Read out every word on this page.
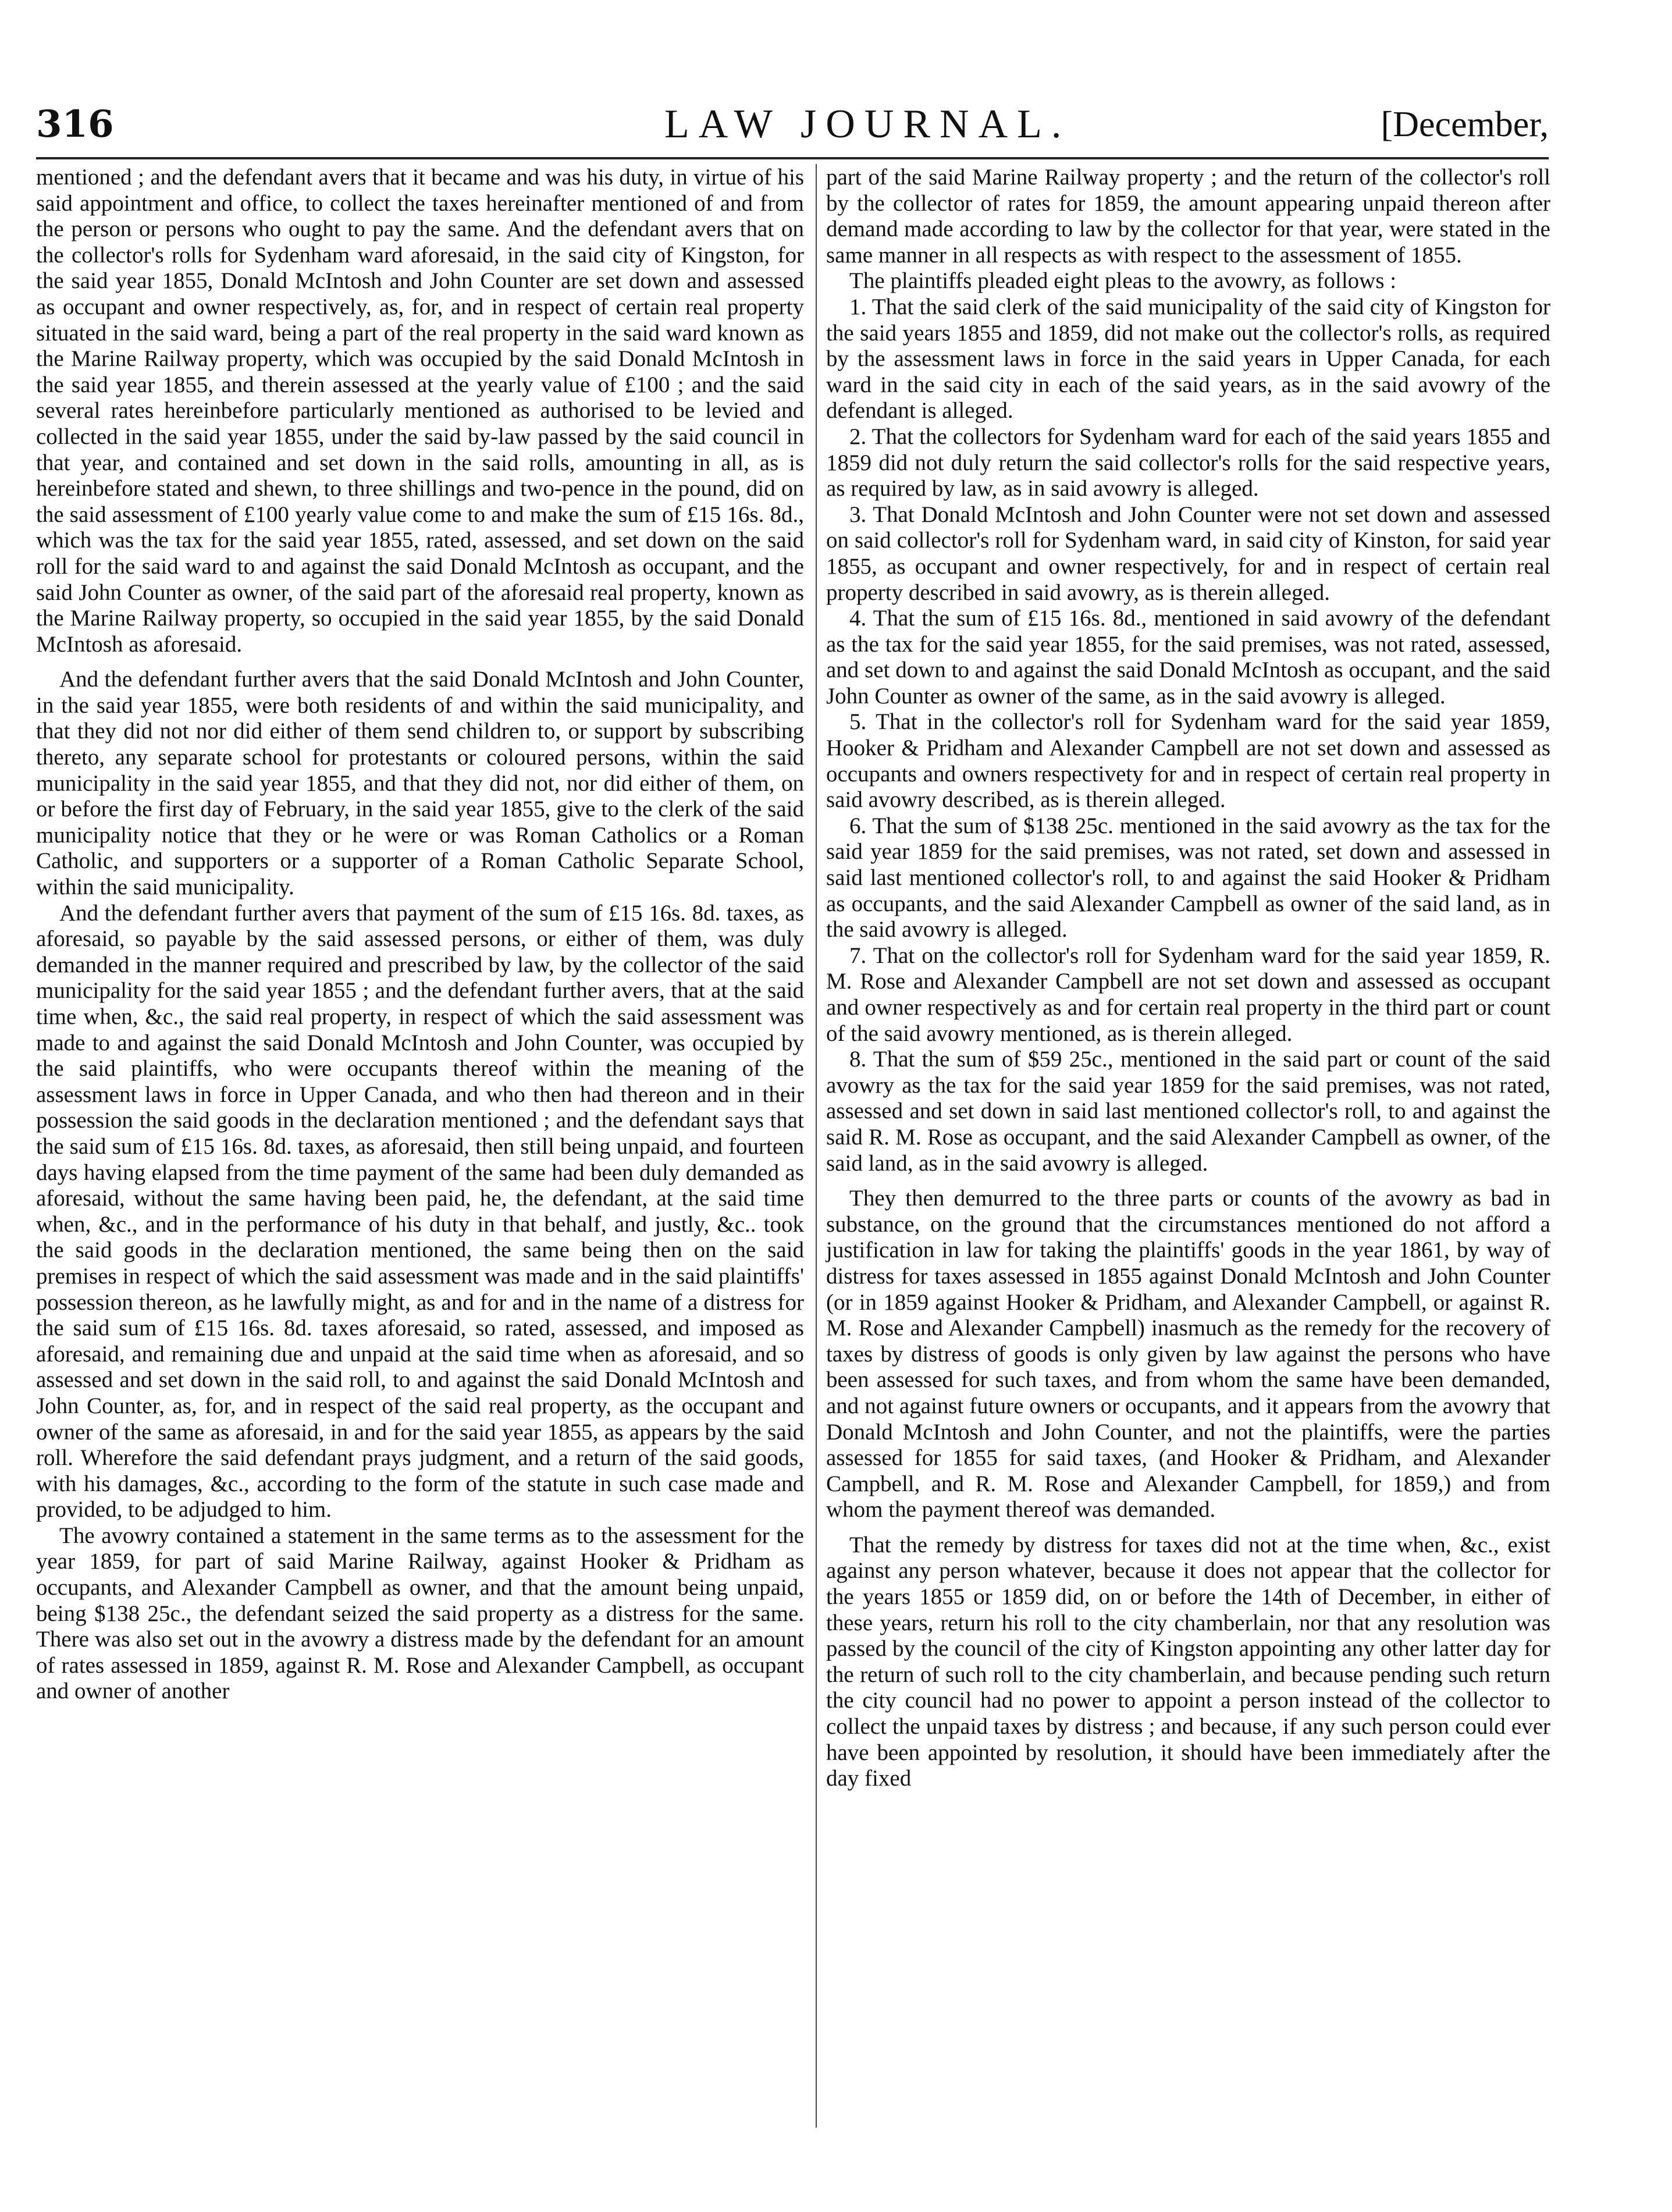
316	LAW JOURNAL.	[December,

mentioned ; and the defendant avers that it became and was his duty, in virtue of his said appointment and office, to collect the taxes hereinafter mentioned of and from the person or persons who ought to pay the same. And the defendant avers that on the collector's rolls for Sydenham ward aforesaid, in the said city of Kingston, for the said year 1855, Donald McIntosh and John Counter are set down and assessed as occupant and owner respectively, as, for, and in respect of certain real property situated in the said ward, being a part of the real property in the said ward known as the Marine Railway property, which was occupied by the said Donald McIntosh in the said year 1855, and therein assessed at the yearly value of £100 ; and the said several rates hereinbefore particularly mentioned as authorised to be levied and collected in the said year 1855, under the said by-law passed by the said council in that year, and contained and set down in the said rolls, amounting in all, as is hereinbefore stated and shewn, to three shillings and two-pence in the pound, did on the said assessment of £100 yearly value come to and make the sum of £15 16s. 8d., which was the tax for the said year 1855, rated, assessed, and set down on the said roll for the said ward to and against the said Donald McIntosh as occupant, and the said John Counter as owner, of the said part of the aforesaid real property, known as the Marine Railway property, so occupied in the said year 1855, by the said Donald McIntosh as aforesaid.

And the defendant further avers that the said Donald McIntosh and John Counter, in the said year 1855, were both residents of and within the said municipality, and that they did not nor did either of them send children to, or support by subscribing thereto, any separate school for protestants or coloured persons, within the said municipality in the said year 1855, and that they did not, nor did either of them, on or before the first day of February, in the said year 1855, give to the clerk of the said municipality notice that they or he were or was Roman Catholics or a Roman Catholic, and supporters or a supporter of a Roman Catholic Separate School, within the said municipality.

And the defendant further avers that payment of the sum of £15 16s. 8d. taxes, as aforesaid, so payable by the said assessed persons, or either of them, was duly demanded in the manner required and prescribed by law, by the collector of the said municipality for the said year 1855 ; and the defendant further avers, that at the said time when, &c., the said real property, in respect of which the said assessment was made to and against the said Donald McIntosh and John Counter, was occupied by the said plaintiffs, who were occupants thereof within the meaning of the assessment laws in force in Upper Canada, and who then had thereon and in their possession the said goods in the declaration mentioned ; and the defendant says that the said sum of £15 16s. 8d. taxes, as aforesaid, then still being unpaid, and fourteen days having elapsed from the time payment of the same had been duly demanded as aforesaid, without the same having been paid, he, the defendant, at the said time when, &c., and in the performance of his duty in that behalf, and justly, &c.. took the said goods in the declaration mentioned, the same being then on the said premises in respect of which the said assessment was made and in the said plaintiffs' possession thereon, as he lawfully might, as and for and in the name of a distress for the said sum of £15 16s. 8d. taxes aforesaid, so rated, assessed, and imposed as aforesaid, and remaining due and unpaid at the said time when as aforesaid, and so assessed and set down in the said roll, to and against the said Donald McIntosh and John Counter, as, for, and in respect of the said real property, as the occupant and owner of the same as aforesaid, in and for the said year 1855, as appears by the said roll. Wherefore the said defendant prays judgment, and a return of the said goods, with his damages, &c., according to the form of the statute in such case made and provided, to be adjudged to him.

The avowry contained a statement in the same terms as to the assessment for the year 1859, for part of said Marine Railway, against Hooker & Pridham as occupants, and Alexander Campbell as owner, and that the amount being unpaid, being $138 25c., the defendant seized the said property as a distress for the same. There was also set out in the avowry a distress made by the defendant for an amount of rates assessed in 1859, against R. M. Rose and Alexander Campbell, as occupant and owner of another

part of the said Marine Railway property ; and the return of the collector's roll by the collector of rates for 1859, the amount appearing unpaid thereon after demand made according to law by the collector for that year, were stated in the same manner in all respects as with respect to the assessment of 1855.

The plaintiffs pleaded eight pleas to the avowry, as follows :

1. That the said clerk of the said municipality of the said city of Kingston for the said years 1855 and 1859, did not make out the collector's rolls, as required by the assessment laws in force in the said years in Upper Canada, for each ward in the said city in each of the said years, as in the said avowry of the defendant is alleged.

2. That the collectors for Sydenham ward for each of the said years 1855 and 1859 did not duly return the said collector's rolls for the said respective years, as required by law, as in said avowry is alleged.

3. That Donald McIntosh and John Counter were not set down and assessed on said collector's roll for Sydenham ward, in said city of Kinston, for said year 1855, as occupant and owner respectively, for and in respect of certain real property described in said avowry, as is therein alleged.

4. That the sum of £15 16s. 8d., mentioned in said avowry of the defendant as the tax for the said year 1855, for the said premises, was not rated, assessed, and set down to and against the said Donald McIntosh as occupant, and the said John Counter as owner of the same, as in the said avowry is alleged.

5. That in the collector's roll for Sydenham ward for the said year 1859, Hooker & Pridham and Alexander Campbell are not set down and assessed as occupants and owners respectivety for and in respect of certain real property in said avowry described, as is therein alleged.

6. That the sum of $138 25c. mentioned in the said avowry as the tax for the said year 1859 for the said premises, was not rated, set down and assessed in said last mentioned collector's roll, to and against the said Hooker & Pridham as occupants, and the said Alexander Campbell as owner of the said land, as in the said avowry is alleged.

7. That on the collector's roll for Sydenham ward for the said year 1859, R. M. Rose and Alexander Campbell are not set down and assessed as occupant and owner respectively as and for certain real property in the third part or count of the said avowry mentioned, as is therein alleged.

8. That the sum of $59 25c., mentioned in the said part or count of the said avowry as the tax for the said year 1859 for the said premises, was not rated, assessed and set down in said last mentioned collector's roll, to and against the said R. M. Rose as occupant, and the said Alexander Campbell as owner, of the said land, as in the said avowry is alleged.

They then demurred to the three parts or counts of the avowry as bad in substance, on the ground that the circumstances mentioned do not afford a justification in law for taking the plaintiffs' goods in the year 1861, by way of distress for taxes assessed in 1855 against Donald McIntosh and John Counter (or in 1859 against Hooker & Pridham, and Alexander Campbell, or against R. M. Rose and Alexander Campbell) inasmuch as the remedy for the recovery of taxes by distress of goods is only given by law against the persons who have been assessed for such taxes, and from whom the same have been demanded, and not against future owners or occupants, and it appears from the avowry that Donald McIntosh and John Counter, and not the plaintiffs, were the parties assessed for 1855 for said taxes, (and Hooker & Pridham, and Alexander Campbell, and R. M. Rose and Alexander Campbell, for 1859,) and from whom the payment thereof was demanded.

That the remedy by distress for taxes did not at the time when, &c., exist against any person whatever, because it does not appear that the collector for the years 1855 or 1859 did, on or before the 14th of December, in either of these years, return his roll to the city chamberlain, nor that any resolution was passed by the council of the city of Kingston appointing any other latter day for the return of such roll to the city chamberlain, and because pending such return the city council had no power to appoint a person instead of the collector to collect the unpaid taxes by distress ; and because, if any such person could ever have been appointed by resolution, it should have been immediately after the day fixed
